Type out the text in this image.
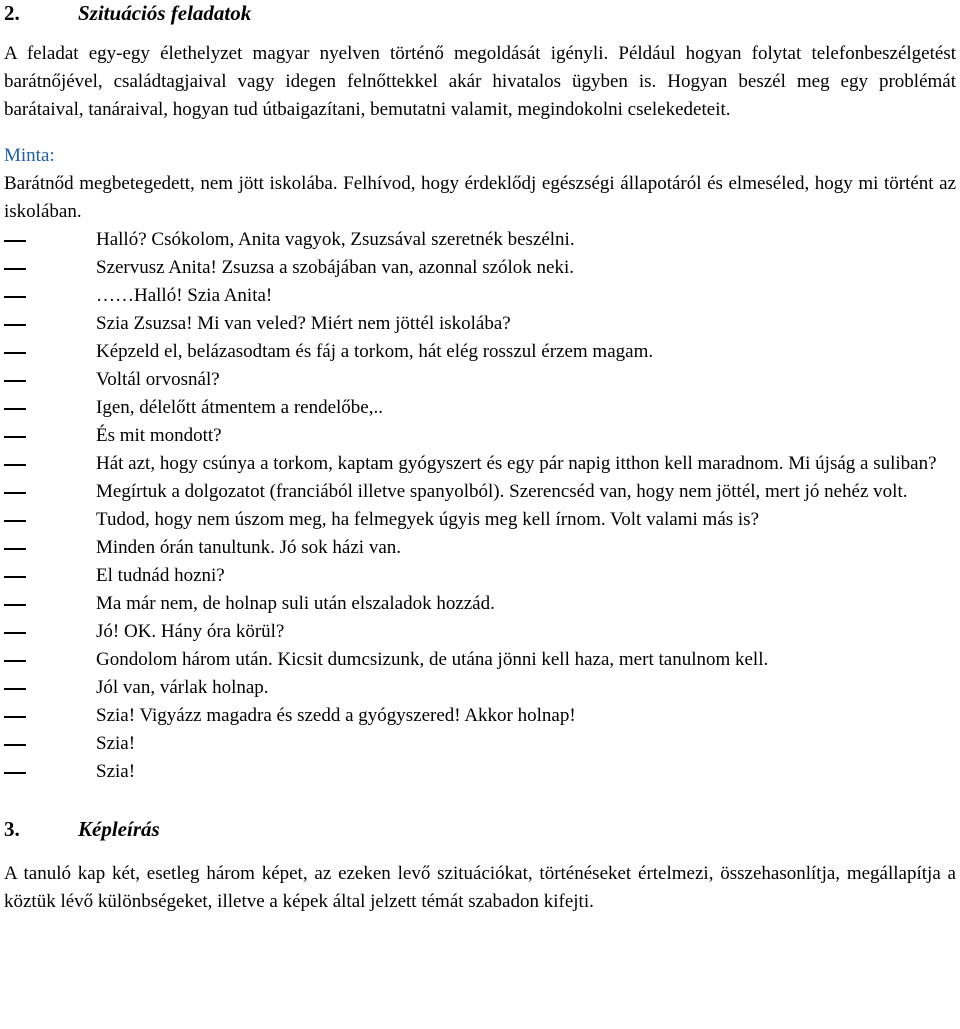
2.	Szituációs feladatok

A feladat egy-egy élethelyzet magyar nyelven történő megoldását igényli. Például hogyan folytat telefonbeszélgetést barátnőjével, családtagjaival vagy idegen felnőttekkel akár hivatalos ügyben is. Hogyan beszél meg egy problémát barátaival, tanáraival, hogyan tud útbaigazítani, bemutatni valamit, megindokolni cselekedeteit.

Minta:

Barátnőd megbetegedett, nem jött iskolába. Felhívod, hogy érdeklődj egészségi állapotáról és elmeséled, hogy mi történt az iskolában.

Halló? Csókolom, Anita vagyok, Zsuzsával szeretnék beszélni.
Szervusz Anita! Zsuzsa a szobájában van, azonnal szólok neki.
……Halló! Szia Anita!
Szia Zsuzsa! Mi van veled? Miért nem jöttél iskolába?
Képzeld el, belázasodtam és fáj a torkom, hát elég rosszul érzem magam.
Voltál orvosnál?
Igen, délelőtt átmentem a rendelőbe,..
És mit mondott?
Hát azt, hogy csúnya a torkom, kaptam gyógyszert és egy pár napig itthon kell maradnom. Mi újság a suliban?
Megírtuk a dolgozatot (franciából illetve spanyolból). Szerencséd van, hogy nem jöttél, mert jó nehéz volt.
Tudod, hogy nem úszom meg, ha felmegyek úgyis meg kell írnom. Volt valami más is?
Minden órán tanultunk. Jó sok házi van.
El tudnád hozni?
Ma már nem, de holnap suli után elszaladok hozzád.
Jó! OK. Hány óra körül?
Gondolom három után. Kicsit dumcsizunk, de utána jönni kell haza, mert tanulnom kell.
Jól van, várlak holnap.
Szia! Vigyázz magadra és szedd a gyógyszered! Akkor holnap!
Szia!
Szia!
3.	Képleírás

A tanuló kap két, esetleg három képet, az ezeken levő szituációkat, történéseket értelmezi, összehasonlítja, megállapítja a köztük lévő különbségeket, illetve a képek által jelzett témát szabadon kifejti.
